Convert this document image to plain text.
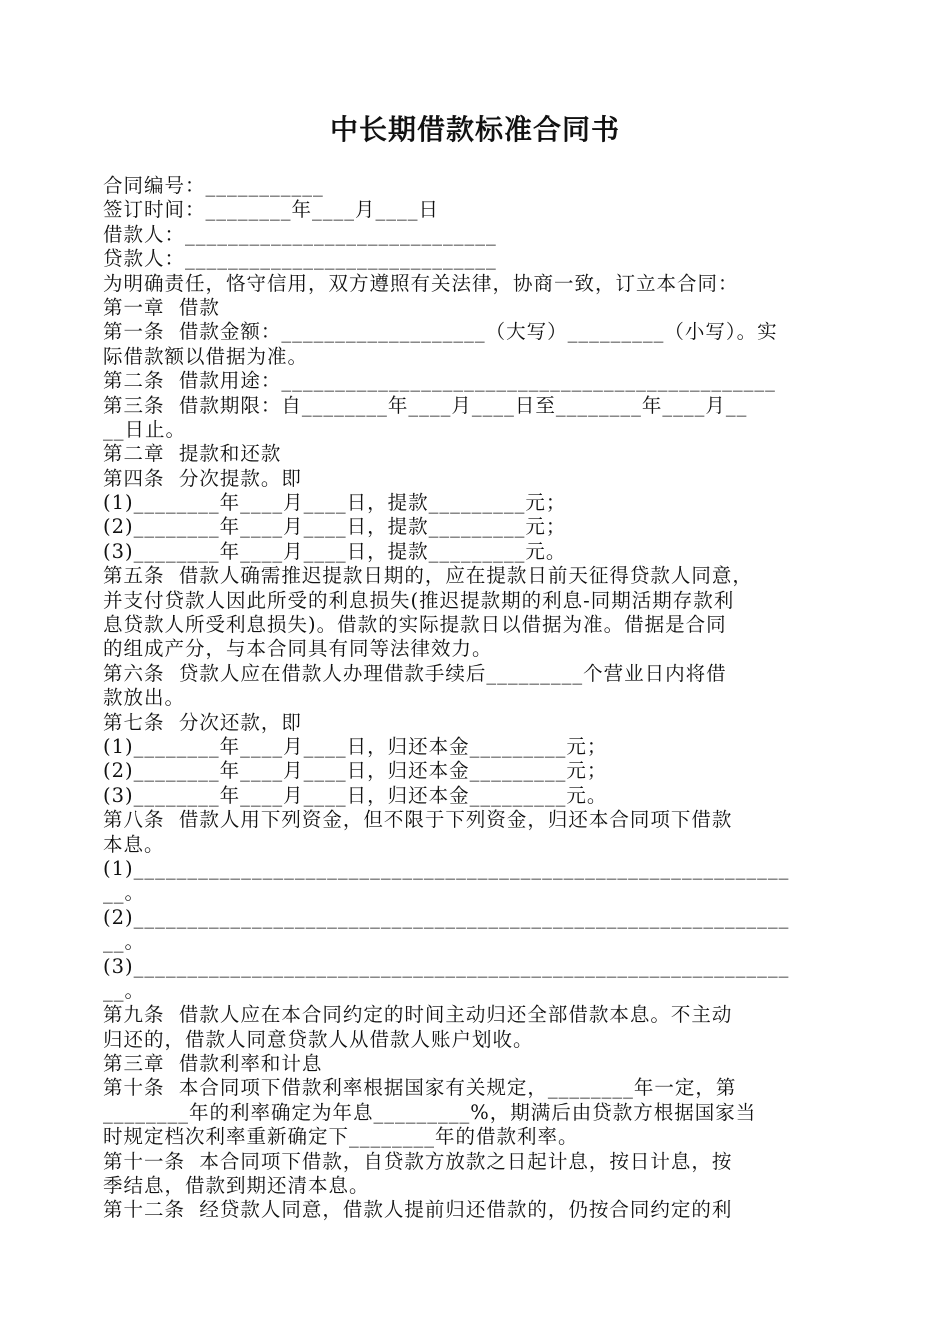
中长期借款标准合同书
合同编号：___________
签订时间：________年____月____日
借款人：_____________________________
贷款人：_____________________________
为明确责任，恪守信用，双方遵照有关法律，协商一致，订立本合同：
第一章  借款
第一条  借款金额：___________________（大写）_________（小写）。实
际借款额以借据为准。
第二条  借款用途：______________________________________________
第三条  借款期限：自________年____月____日至________年____月__
__日止。
第二章  提款和还款
第四条  分次提款。即
(1)________年____月____日，提款_________元；
(2)________年____月____日，提款_________元；
(3)________年____月____日，提款_________元。
第五条  借款人确需推迟提款日期的，应在提款日前天征得贷款人同意，
并支付贷款人因此所受的利息损失(推迟提款期的利息-同期活期存款利
息贷款人所受利息损失)。借款的实际提款日以借据为准。借据是合同
的组成产分，与本合同具有同等法律效力。
第六条  贷款人应在借款人办理借款手续后_________个营业日内将借
款放出。
第七条  分次还款，即
(1)________年____月____日，归还本金_________元；
(2)________年____月____日，归还本金_________元；
(3)________年____月____日，归还本金_________元。
第八条  借款人用下列资金，但不限于下列资金，归还本合同项下借款
本息。
(1)_____________________________________________________________
__。
(2)_____________________________________________________________
__。
(3)_____________________________________________________________
__。
第九条  借款人应在本合同约定的时间主动归还全部借款本息。不主动
归还的，借款人同意贷款人从借款人账户划收。
第三章  借款利率和计息
第十条  本合同项下借款利率根据国家有关规定，________年一定，第
________年的利率确定为年息_________%，期满后由贷款方根据国家当
时规定档次利率重新确定下________年的借款利率。
第十一条  本合同项下借款，自贷款方放款之日起计息，按日计息，按
季结息，借款到期还清本息。
第十二条  经贷款人同意，借款人提前归还借款的，仍按合同约定的利
